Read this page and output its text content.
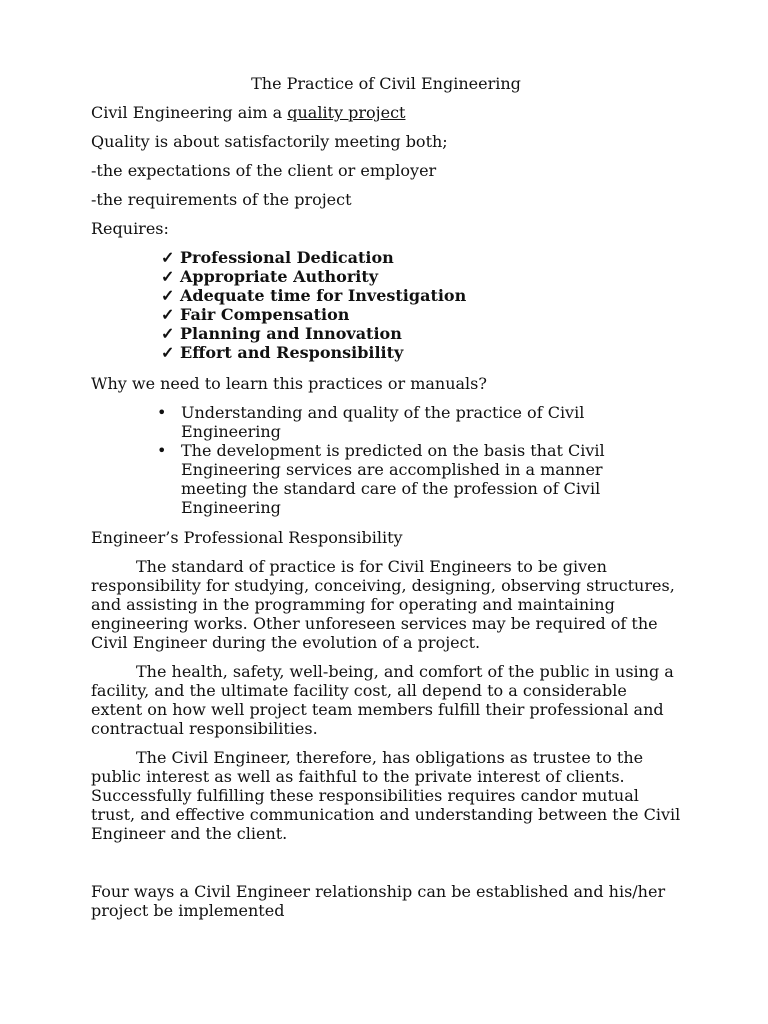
The Practice of Civil Engineering
Civil Engineering aim a quality project
Quality is about satisfactorily meeting both;
-the expectations of the client or employer
-the requirements of the project
Requires:
✓ Professional Dedication
✓ Appropriate Authority
✓ Adequate time for Investigation
✓ Fair Compensation
✓ Planning and Innovation
✓ Effort and Responsibility
Why we need to learn this practices or manuals?
• Understanding and quality of the practice of Civil Engineering
• The development is predicted on the basis that Civil Engineering services are accomplished in a manner meeting the standard care of the profession of Civil Engineering
Engineer’s Professional Responsibility

The standard of practice is for Civil Engineers to be given responsibility for studying, conceiving, designing, observing structures, and assisting in the programming for operating and maintaining engineering works. Other unforeseen services may be required of the Civil Engineer during the evolution of a project.

The health, safety, well-being, and comfort of the public in using a facility, and the ultimate facility cost, all depend to a considerable extent on how well project team members fulfill their professional and contractual responsibilities.

The Civil Engineer, therefore, has obligations as trustee to the public interest as well as faithful to the private interest of clients. Successfully fulfilling these responsibilities requires candor mutual trust, and effective communication and understanding between the Civil Engineer and the client.

Four ways a Civil Engineer relationship can be established and his/her project be implemented
